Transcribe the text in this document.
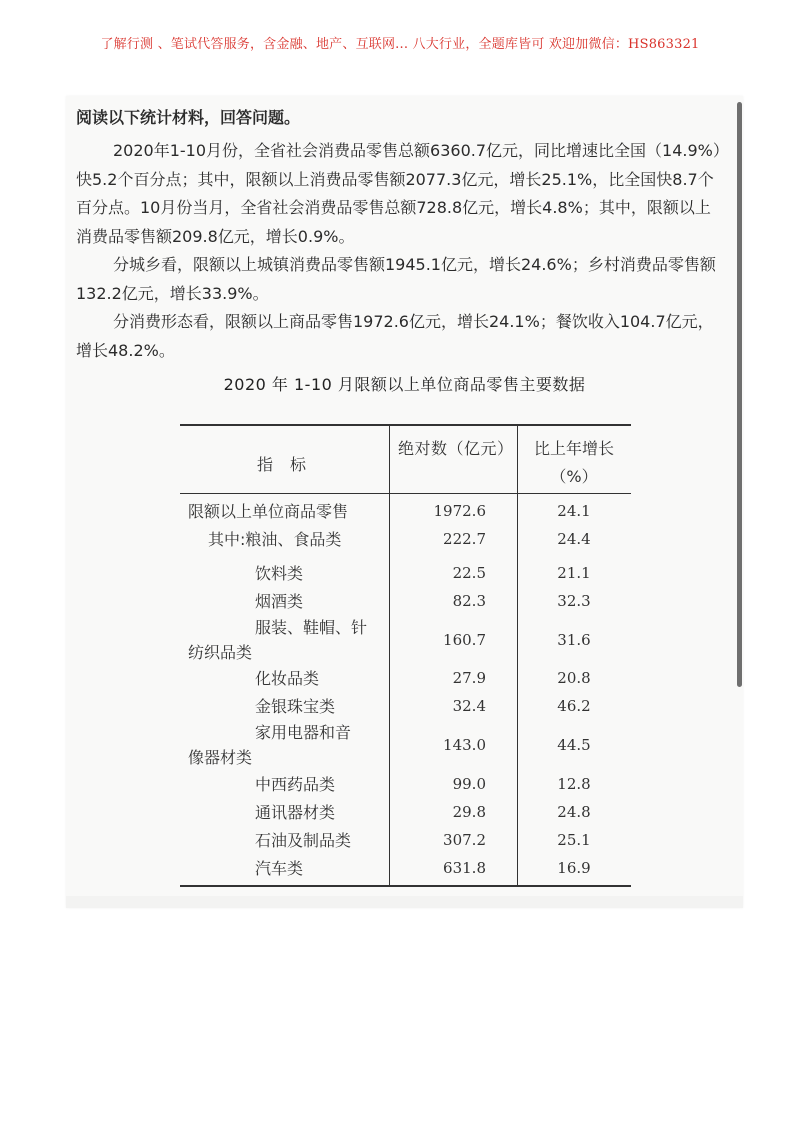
了解行测 、笔试代答服务，含金融、地产、互联网... 八大行业，全题库皆可 欢迎加微信：HS863321
阅读以下统计材料，回答问题。
2020年1-10月份，全省社会消费品零售总额6360.7亿元，同比增速比全国（14.9%）快5.2个百分点；其中，限额以上消费品零售额2077.3亿元，增长25.1%，比全国快8.7个百分点。10月份当月，全省社会消费品零售总额728.8亿元，增长4.8%；其中，限额以上消费品零售额209.8亿元，增长0.9%。
分城乡看，限额以上城镇消费品零售额1945.1亿元，增长24.6%；乡村消费品零售额132.2亿元，增长33.9%。
分消费形态看，限额以上商品零售1972.6亿元，增长24.1%；餐饮收入104.7亿元，增长48.2%。
2020 年 1-10 月限额以上单位商品零售主要数据
指 标
绝对数（亿元）	比上年增长
（%）
限额以上单位商品零售	1972.6	24.1
其中:粮油、食品类	222.7	24.4
饮料类	22.5	21.1
烟酒类	82.3	32.3
服装、鞋帽、针
纺织品类
160.7	31.6
化妆品类	27.9	20.8
金银珠宝类	32.4	46.2
家用电器和音
像器材类
143.0	44.5
中西药品类	99.0	12.8
通讯器材类	29.8	24.8
石油及制品类	307.2	25.1
汽车类	631.8	16.9
